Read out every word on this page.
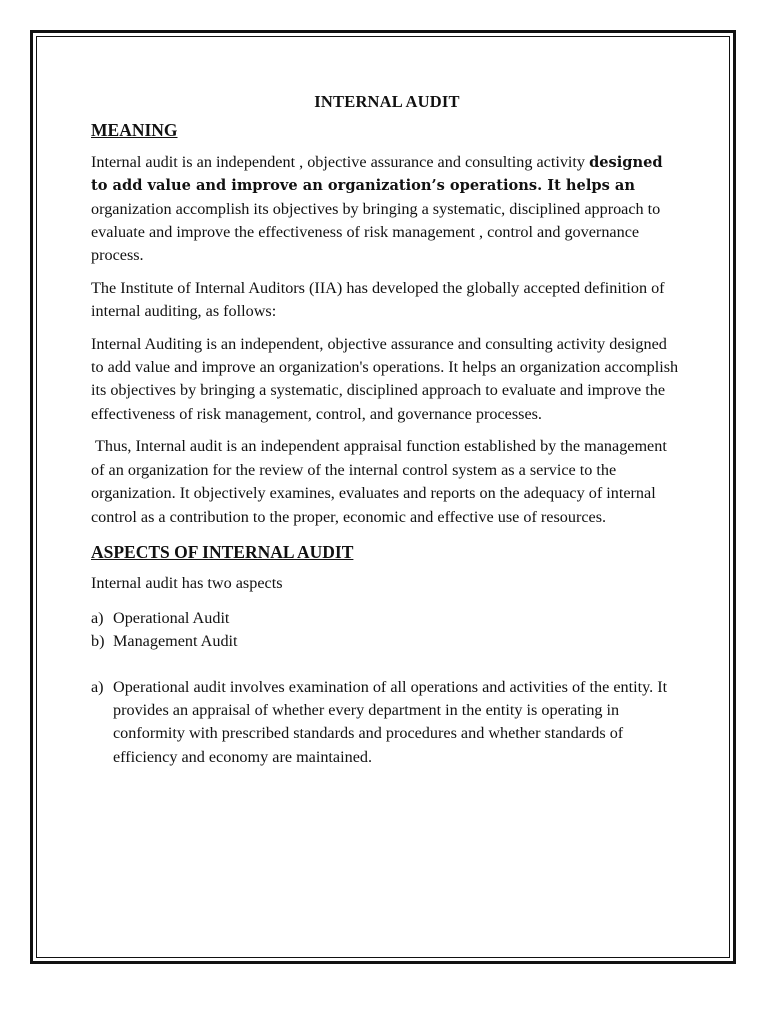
INTERNAL AUDIT
MEANING

Internal audit is an independent , objective assurance and consulting activity designed to add value and improve an organization’s operations. It helps an organization accomplish its objectives by bringing a systematic, disciplined approach to evaluate and improve the effectiveness of risk management , control and governance process.

The Institute of Internal Auditors (IIA) has developed the globally accepted definition of internal auditing, as follows:

Internal Auditing is an independent, objective assurance and consulting activity designed to add value and improve an organization's operations. It helps an organization accomplish its objectives by bringing a systematic, disciplined approach to evaluate and improve the effectiveness of risk management, control, and governance processes.

Thus, Internal audit is an independent appraisal function established by the management of an organization for the review of the internal control system as a service to the organization. It objectively examines, evaluates and reports on the adequacy of internal control as a contribution to the proper, economic and effective use of resources.

ASPECTS OF INTERNAL AUDIT

Internal audit has two aspects

a) Operational Audit
b) Management Audit
a) Operational audit involves examination of all operations and activities of the entity. It provides an appraisal of whether every department in the entity is operating in conformity with prescribed standards and procedures and whether standards of efficiency and economy are maintained.
